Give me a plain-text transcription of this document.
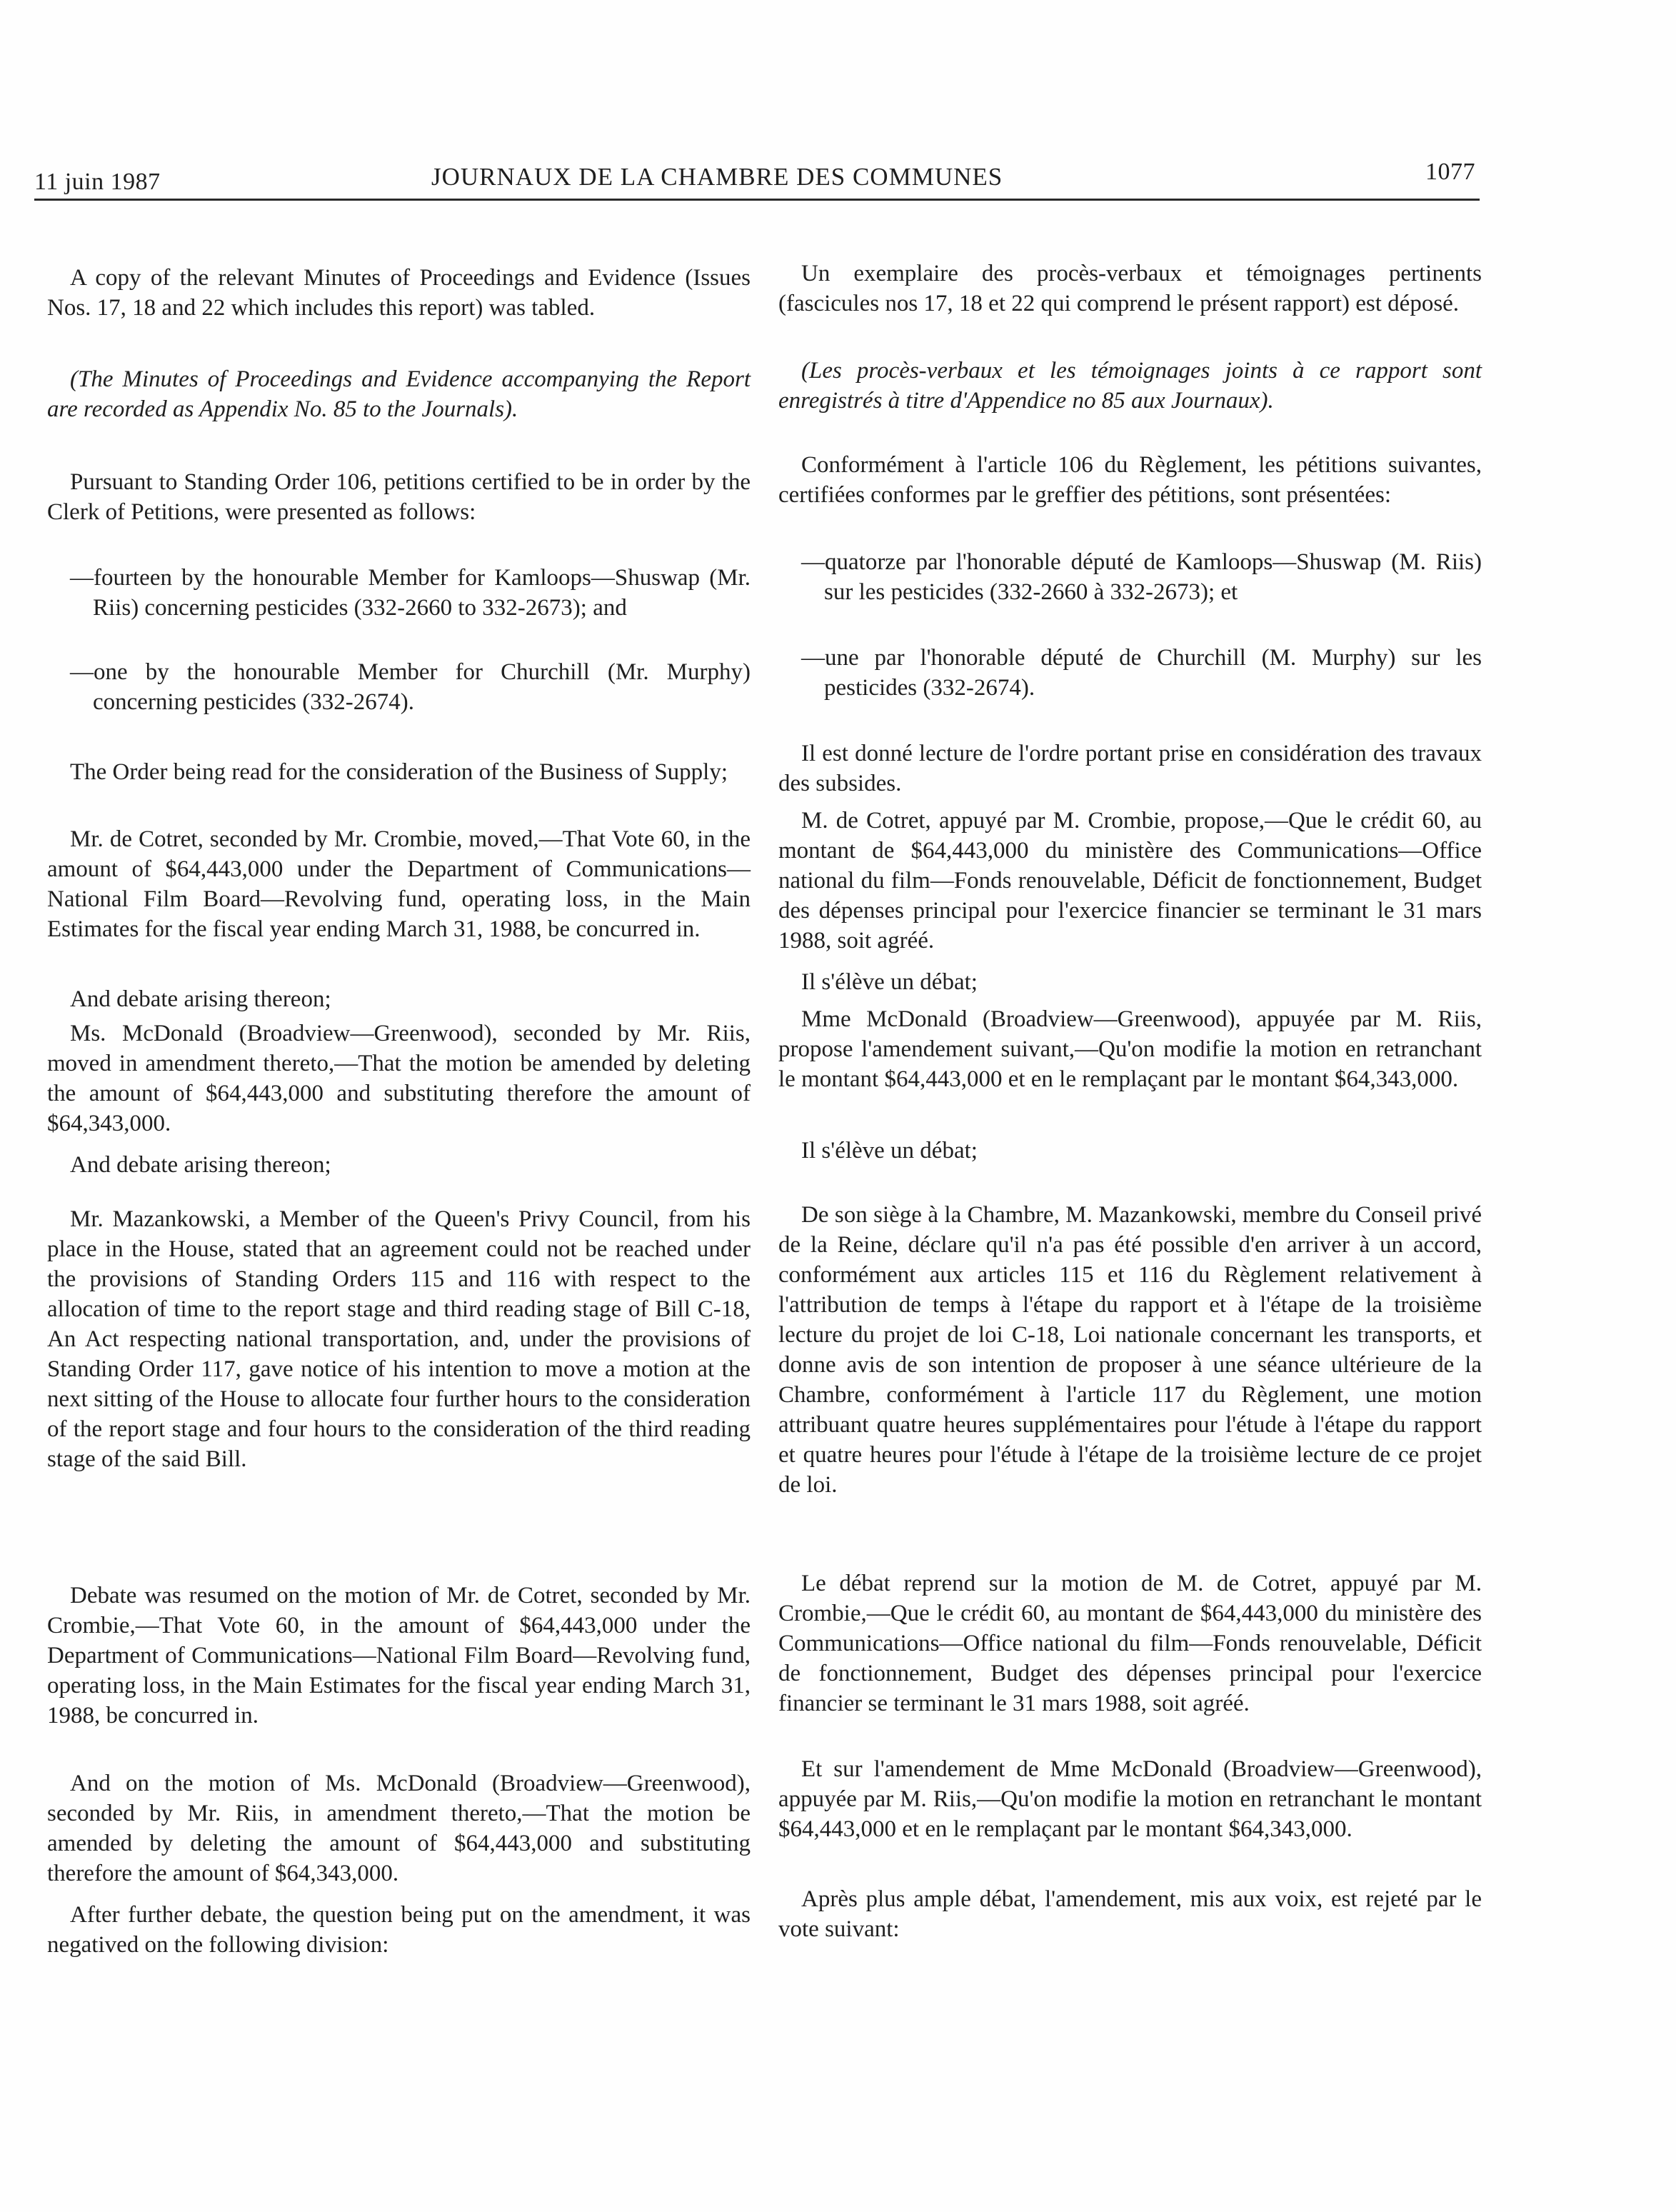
11 juin 1987	JOURNAUX DE LA CHAMBRE DES COMMUNES	1077

A copy of the relevant Minutes of Proceedings and Evidence (Issues Nos. 17, 18 and 22 which includes this report) was tabled.

(The Minutes of Proceedings and Evidence accompanying the Report are recorded as Appendix No. 85 to the Journals).

Pursuant to Standing Order 106, petitions certified to be in order by the Clerk of Petitions, were presented as follows:

—fourteen by the honourable Member for Kamloops—Shuswap (Mr. Riis) concerning pesticides (332-2660 to 332-2673); and

—one by the honourable Member for Churchill (Mr. Murphy) concerning pesticides (332-2674).

The Order being read for the consideration of the Business of Supply;

Mr. de Cotret, seconded by Mr. Crombie, moved,—That Vote 60, in the amount of $64,443,000 under the Department of Communications—National Film Board—Revolving fund, operating loss, in the Main Estimates for the fiscal year ending March 31, 1988, be concurred in.

And debate arising thereon;

Ms. McDonald (Broadview—Greenwood), seconded by Mr. Riis, moved in amendment thereto,—That the motion be amended by deleting the amount of $64,443,000 and substituting therefore the amount of $64,343,000.

And debate arising thereon;

Mr. Mazankowski, a Member of the Queen's Privy Council, from his place in the House, stated that an agreement could not be reached under the provisions of Standing Orders 115 and 116 with respect to the allocation of time to the report stage and third reading stage of Bill C-18, An Act respecting national transportation, and, under the provisions of Standing Order 117, gave notice of his intention to move a motion at the next sitting of the House to allocate four further hours to the consideration of the report stage and four hours to the consideration of the third reading stage of the said Bill.

Debate was resumed on the motion of Mr. de Cotret, seconded by Mr. Crombie,—That Vote 60, in the amount of $64,443,000 under the Department of Communications—National Film Board—Revolving fund, operating loss, in the Main Estimates for the fiscal year ending March 31, 1988, be concurred in.

And on the motion of Ms. McDonald (Broadview—Greenwood), seconded by Mr. Riis, in amendment thereto,—That the motion be amended by deleting the amount of $64,443,000 and substituting therefore the amount of $64,343,000.

After further debate, the question being put on the amendment, it was negatived on the following division:

Un exemplaire des procès-verbaux et témoignages pertinents (fascicules nos 17, 18 et 22 qui comprend le présent rapport) est déposé.

(Les procès-verbaux et les témoignages joints à ce rapport sont enregistrés à titre d'Appendice no 85 aux Journaux).

Conformément à l'article 106 du Règlement, les pétitions suivantes, certifiées conformes par le greffier des pétitions, sont présentées:

—quatorze par l'honorable député de Kamloops—Shuswap (M. Riis) sur les pesticides (332-2660 à 332-2673); et

—une par l'honorable député de Churchill (M. Murphy) sur les pesticides (332-2674).

Il est donné lecture de l'ordre portant prise en considération des travaux des subsides.

M. de Cotret, appuyé par M. Crombie, propose,—Que le crédit 60, au montant de $64,443,000 du ministère des Communications—Office national du film—Fonds renouvelable, Déficit de fonctionnement, Budget des dépenses principal pour l'exercice financier se terminant le 31 mars 1988, soit agréé.

Il s'élève un débat;

Mme McDonald (Broadview—Greenwood), appuyée par M. Riis, propose l'amendement suivant,—Qu'on modifie la motion en retranchant le montant $64,443,000 et en le remplaçant par le montant $64,343,000.

Il s'élève un débat;

De son siège à la Chambre, M. Mazankowski, membre du Conseil privé de la Reine, déclare qu'il n'a pas été possible d'en arriver à un accord, conformément aux articles 115 et 116 du Règlement relativement à l'attribution de temps à l'étape du rapport et à l'étape de la troisième lecture du projet de loi C-18, Loi nationale concernant les transports, et donne avis de son intention de proposer à une séance ultérieure de la Chambre, conformément à l'article 117 du Règlement, une motion attribuant quatre heures supplémentaires pour l'étude à l'étape du rapport et quatre heures pour l'étude à l'étape de la troisième lecture de ce projet de loi.

Le débat reprend sur la motion de M. de Cotret, appuyé par M. Crombie,—Que le crédit 60, au montant de $64,443,000 du ministère des Communications—Office national du film—Fonds renouvelable, Déficit de fonctionnement, Budget des dépenses principal pour l'exercice financier se terminant le 31 mars 1988, soit agréé.

Et sur l'amendement de Mme McDonald (Broadview—Greenwood), appuyée par M. Riis,—Qu'on modifie la motion en retranchant le montant $64,443,000 et en le remplaçant par le montant $64,343,000.

Après plus ample débat, l'amendement, mis aux voix, est rejeté par le vote suivant:
